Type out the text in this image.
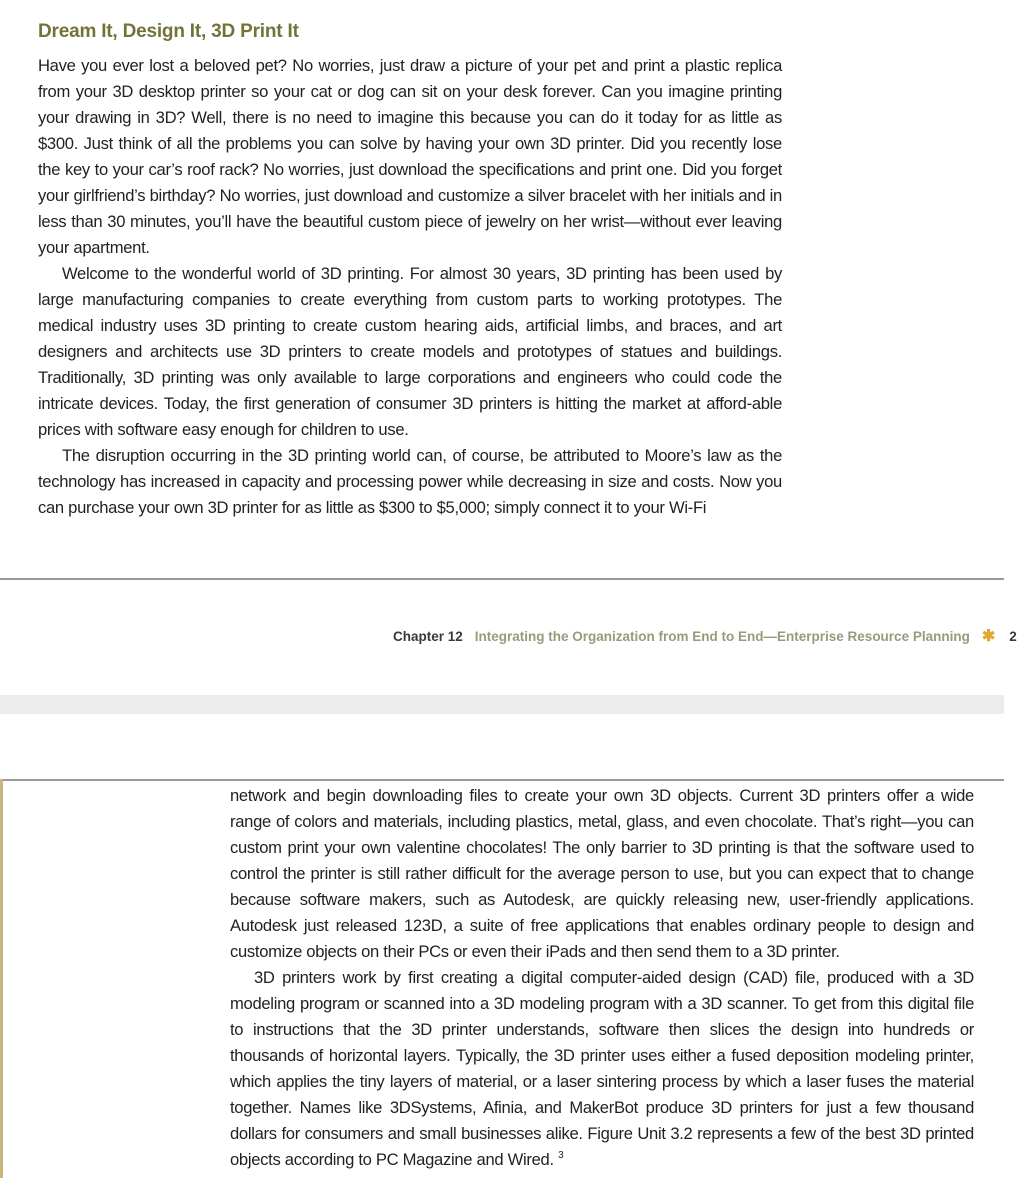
Dream It, Design It, 3D Print It

Have you ever lost a beloved pet? No worries, just draw a picture of your pet and print a plastic replica from your 3D desktop printer so your cat or dog can sit on your desk forever. Can you imagine printing your drawing in 3D? Well, there is no need to imagine this because you can do it today for as little as $300. Just think of all the problems you can solve by having your own 3D printer. Did you recently lose the key to your car’s roof rack? No worries, just download the specifications and print one. Did you forget your girlfriend’s birthday? No worries, just download and customize a silver bracelet with her initials and in less than 30 minutes, you’ll have the beautiful custom piece of jewelry on her wrist—without ever leaving your apartment.

Welcome to the wonderful world of 3D printing. For almost 30 years, 3D printing has been used by large manufacturing companies to create everything from custom parts to working prototypes. The medical industry uses 3D printing to create custom hearing aids, artificial limbs, and braces, and art designers and architects use 3D printers to create models and prototypes of statues and buildings. Traditionally, 3D printing was only available to large corporations and engineers who could code the intricate devices. Today, the first generation of consumer 3D printers is hitting the market at afford-able prices with software easy enough for children to use.

The disruption occurring in the 3D printing world can, of course, be attributed to Moore’s law as the technology has increased in capacity and processing power while decreasing in size and costs. Now you can purchase your own 3D printer for as little as $300 to $5,000; simply connect it to your Wi-Fi

Chapter 12 Integrating the Organization from End to End—Enterprise Resource Planning ✱ 2

network and begin downloading files to create your own 3D objects. Current 3D printers offer a wide range of colors and materials, including plastics, metal, glass, and even chocolate. That’s right—you can custom print your own valentine chocolates! The only barrier to 3D printing is that the software used to control the printer is still rather difficult for the average person to use, but you can expect that to change because software makers, such as Autodesk, are quickly releasing new, user-friendly applications. Autodesk just released 123D, a suite of free applications that enables ordinary people to design and customize objects on their PCs or even their iPads and then send them to a 3D printer.

3D printers work by first creating a digital computer-aided design (CAD) file, produced with a 3D modeling program or scanned into a 3D modeling program with a 3D scanner. To get from this digital file to instructions that the 3D printer understands, software then slices the design into hundreds or thousands of horizontal layers. Typically, the 3D printer uses either a fused deposition modeling printer, which applies the tiny layers of material, or a laser sintering process by which a laser fuses the material together. Names like 3DSystems, Afinia, and MakerBot produce 3D printers for just a few thousand dollars for consumers and small businesses alike. Figure Unit 3.2 represents a few of the best 3D printed objects according to PC Magazine and Wired. $^3$
